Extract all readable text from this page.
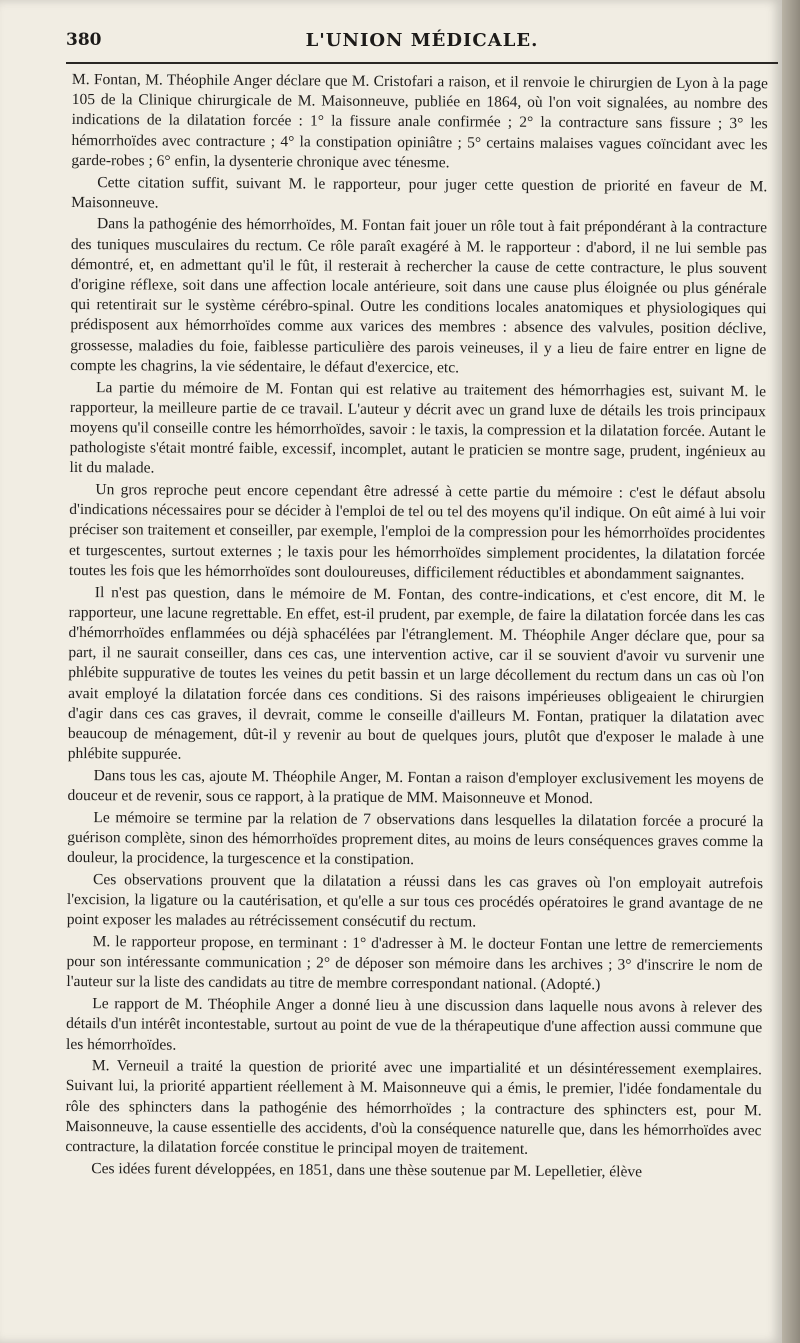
380	L'UNION MÉDICALE.

M. Fontan, M. Théophile Anger déclare que M. Cristofari a raison, et il renvoie le chirurgien de Lyon à la page 105 de la Clinique chirurgicale de M. Maisonneuve, publiée en 1864, où l'on voit signalées, au nombre des indications de la dilatation forcée : 1° la fissure anale confirmée ; 2° la contracture sans fissure ; 3° les hémorrhoïdes avec contracture ; 4° la constipation opiniâtre ; 5° certains malaises vagues coïncidant avec les garde-robes ; 6° enfin, la dysenterie chronique avec ténesme.

Cette citation suffit, suivant M. le rapporteur, pour juger cette question de priorité en faveur de M. Maisonneuve.

Dans la pathogénie des hémorrhoïdes, M. Fontan fait jouer un rôle tout à fait prépondérant à la contracture des tuniques musculaires du rectum. Ce rôle paraît exagéré à M. le rapporteur : d'abord, il ne lui semble pas démontré, et, en admettant qu'il le fût, il resterait à rechercher la cause de cette contracture, le plus souvent d'origine réflexe, soit dans une affection locale antérieure, soit dans une cause plus éloignée ou plus générale qui retentirait sur le système cérébro-spinal. Outre les conditions locales anatomiques et physiologiques qui prédisposent aux hémorrhoïdes comme aux varices des membres : absence des valvules, position déclive, grossesse, maladies du foie, faiblesse particulière des parois veineuses, il y a lieu de faire entrer en ligne de compte les chagrins, la vie sédentaire, le défaut d'exercice, etc.

La partie du mémoire de M. Fontan qui est relative au traitement des hémorrhagies est, suivant M. le rapporteur, la meilleure partie de ce travail. L'auteur y décrit avec un grand luxe de détails les trois principaux moyens qu'il conseille contre les hémorrhoïdes, savoir : le taxis, la compression et la dilatation forcée. Autant le pathologiste s'était montré faible, excessif, incomplet, autant le praticien se montre sage, prudent, ingénieux au lit du malade.

Un gros reproche peut encore cependant être adressé à cette partie du mémoire : c'est le défaut absolu d'indications nécessaires pour se décider à l'emploi de tel ou tel des moyens qu'il indique. On eût aimé à lui voir préciser son traitement et conseiller, par exemple, l'emploi de la compression pour les hémorrhoïdes procidentes et turgescentes, surtout externes ; le taxis pour les hémorrhoïdes simplement procidentes, la dilatation forcée toutes les fois que les hémorrhoïdes sont douloureuses, difficilement réductibles et abondamment saignantes.

Il n'est pas question, dans le mémoire de M. Fontan, des contre-indications, et c'est encore, dit M. le rapporteur, une lacune regrettable. En effet, est-il prudent, par exemple, de faire la dilatation forcée dans les cas d'hémorrhoïdes enflammées ou déjà sphacélées par l'étranglement. M. Théophile Anger déclare que, pour sa part, il ne saurait conseiller, dans ces cas, une intervention active, car il se souvient d'avoir vu survenir une phlébite suppurative de toutes les veines du petit bassin et un large décollement du rectum dans un cas où l'on avait employé la dilatation forcée dans ces conditions. Si des raisons impérieuses obligeaient le chirurgien d'agir dans ces cas graves, il devrait, comme le conseille d'ailleurs M. Fontan, pratiquer la dilatation avec beaucoup de ménagement, dût-il y revenir au bout de quelques jours, plutôt que d'exposer le malade à une phlébite suppurée.

Dans tous les cas, ajoute M. Théophile Anger, M. Fontan a raison d'employer exclusivement les moyens de douceur et de revenir, sous ce rapport, à la pratique de MM. Maisonneuve et Monod.

Le mémoire se termine par la relation de 7 observations dans lesquelles la dilatation forcée a procuré la guérison complète, sinon des hémorrhoïdes proprement dites, au moins de leurs conséquences graves comme la douleur, la procidence, la turgescence et la constipation.

Ces observations prouvent que la dilatation a réussi dans les cas graves où l'on employait autrefois l'excision, la ligature ou la cautérisation, et qu'elle a sur tous ces procédés opératoires le grand avantage de ne point exposer les malades au rétrécissement consécutif du rectum.

M. le rapporteur propose, en terminant : 1° d'adresser à M. le docteur Fontan une lettre de remerciements pour son intéressante communication ; 2° de déposer son mémoire dans les archives ; 3° d'inscrire le nom de l'auteur sur la liste des candidats au titre de membre correspondant national. (Adopté.)

Le rapport de M. Théophile Anger a donné lieu à une discussion dans laquelle nous avons à relever des détails d'un intérêt incontestable, surtout au point de vue de la thérapeutique d'une affection aussi commune que les hémorrhoïdes.

M. Verneuil a traité la question de priorité avec une impartialité et un désintéressement exemplaires. Suivant lui, la priorité appartient réellement à M. Maisonneuve qui a émis, le premier, l'idée fondamentale du rôle des sphincters dans la pathogénie des hémorrhoïdes ; la contracture des sphincters est, pour M. Maisonneuve, la cause essentielle des accidents, d'où la conséquence naturelle que, dans les hémorrhoïdes avec contracture, la dilatation forcée constitue le principal moyen de traitement.

Ces idées furent développées, en 1851, dans une thèse soutenue par M. Lepelletier, élève
